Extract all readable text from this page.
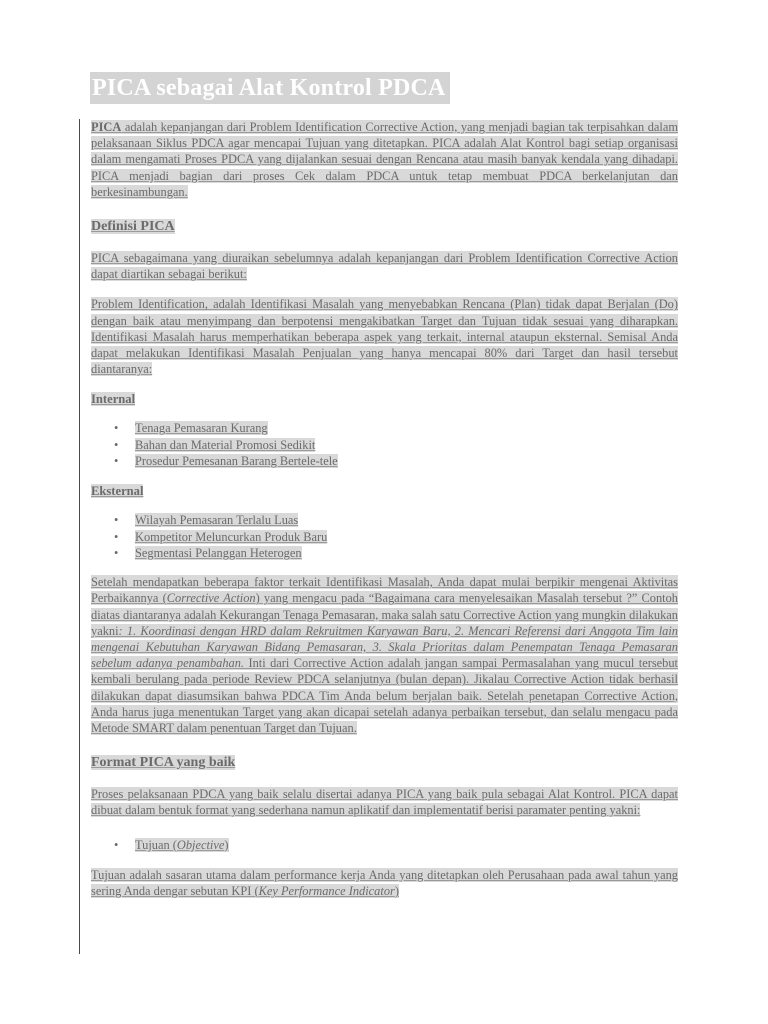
PICA sebagai Alat Kontrol PDCA

PICA adalah kepanjangan dari Problem Identification Corrective Action, yang menjadi bagian tak terpisahkan dalam pelaksanaan Siklus PDCA agar mencapai Tujuan yang ditetapkan. PICA adalah Alat Kontrol bagi setiap organisasi dalam mengamati Proses PDCA yang dijalankan sesuai dengan Rencana atau masih banyak kendala yang dihadapi. PICA menjadi bagian dari proses Cek dalam PDCA untuk tetap membuat PDCA berkelanjutan dan berkesinambungan.

Definisi PICA

PICA sebagaimana yang diuraikan sebelumnya adalah kepanjangan dari Problem Identification Corrective Action dapat diartikan sebagai berikut:

Problem Identification, adalah Identifikasi Masalah yang menyebabkan Rencana (Plan) tidak dapat Berjalan (Do) dengan baik atau menyimpang dan berpotensi mengakibatkan Target dan Tujuan tidak sesuai yang diharapkan. Identifikasi Masalah harus memperhatikan beberapa aspek yang terkait, internal ataupun eksternal. Semisal Anda dapat melakukan Identifikasi Masalah Penjualan yang hanya mencapai 80% dari Target dan hasil tersebut diantaranya:

Internal
• Tenaga Pemasaran Kurang
• Bahan dan Material Promosi Sedikit
• Prosedur Pemesanan Barang Bertele-tele
Eksternal
• Wilayah Pemasaran Terlalu Luas
• Kompetitor Meluncurkan Produk Baru
• Segmentasi Pelanggan Heterogen

Setelah mendapatkan beberapa faktor terkait Identifikasi Masalah, Anda dapat mulai berpikir mengenai Aktivitas Perbaikannya (Corrective Action) yang mengacu pada “Bagaimana cara menyelesaikan Masalah tersebut ?” Contoh diatas diantaranya adalah Kekurangan Tenaga Pemasaran, maka salah satu Corrective Action yang mungkin dilakukan yakni: 1. Koordinasi dengan HRD dalam Rekruitmen Karyawan Baru, 2. Mencari Referensi dari Anggota Tim lain mengenai Kebutuhan Karyawan Bidang Pemasaran, 3. Skala Prioritas dalam Penempatan Tenaga Pemasaran sebelum adanya penambahan. Inti dari Corrective Action adalah jangan sampai Permasalahan yang mucul tersebut kembali berulang pada periode Review PDCA selanjutnya (bulan depan). Jikalau Corrective Action tidak berhasil dilakukan dapat diasumsikan bahwa PDCA Tim Anda belum berjalan baik. Setelah penetapan Corrective Action, Anda harus juga menentukan Target yang akan dicapai setelah adanya perbaikan tersebut, dan selalu mengacu pada Metode SMART dalam penentuan Target dan Tujuan.

Format PICA yang baik

Proses pelaksanaan PDCA yang baik selalu disertai adanya PICA yang baik pula sebagai Alat Kontrol. PICA dapat dibuat dalam bentuk format yang sederhana namun aplikatif dan implementatif berisi paramater penting yakni:

• Tujuan (Objective)

Tujuan adalah sasaran utama dalam performance kerja Anda yang ditetapkan oleh Perusahaan pada awal tahun yang sering Anda dengar sebutan KPI (Key Performance Indicator)
